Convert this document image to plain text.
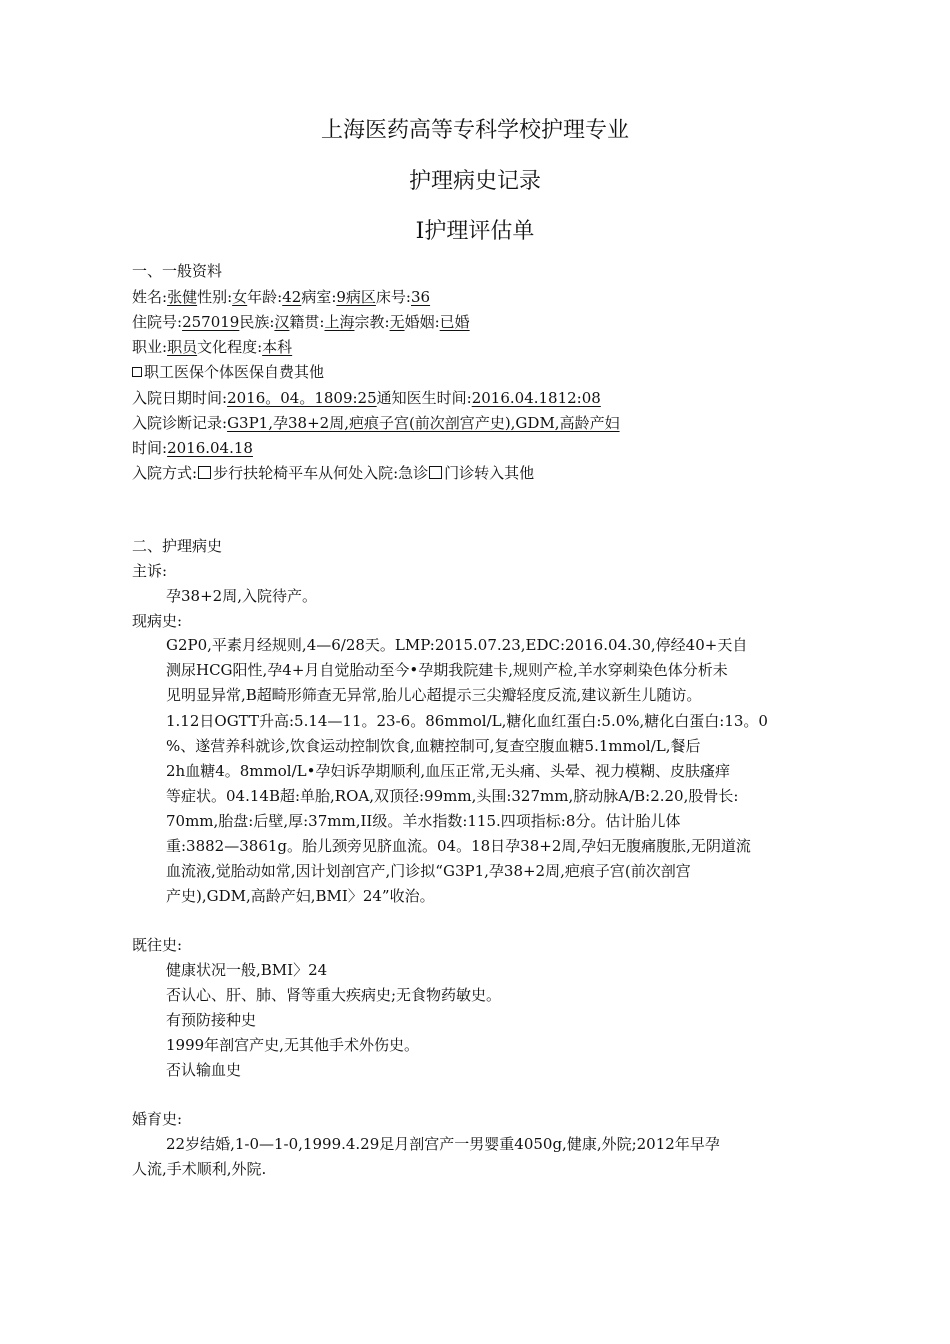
上海医药高等专科学校护理专业
护理病史记录
I护理评估单
一、一般资料
姓名:张健性别:女年龄:42病室:9病区床号:36
住院号:257019民族:汉籍贯:上海宗教:无婚姻:已婚
职业:职员文化程度:本科
职工医保个体医保自费其他
入院日期时间:2016。04。1809:25通知医生时间:2016.04.1812:08
入院诊断记录:G3P1,孕38+2周,疤痕子宫(前次剖宫产史),GDM,高龄产妇
时间:2016.04.18
入院方式: 步行扶轮椅平车从何处入院:急诊 门诊转入其他
二、护理病史
主诉:
孕38+2周,入院待产。
现病史:
G2P0,平素月经规则,4—6/28天。LMP:2015.07.23,EDC:2016.04.30,停经40+天自
测尿HCG阳性,孕4+月自觉胎动至今•孕期我院建卡,规则产检,羊水穿刺染色体分析未
见明显异常,B超畸形筛查无异常,胎儿心超提示三尖瓣轻度反流,建议新生儿随访。
1.12日OGTT升高:5.14—11。23-6。86mmol/L,糖化血红蛋白:5.0%,糖化白蛋白:13。0
%、遂营养科就诊,饮食运动控制饮食,血糖控制可,复查空腹血糖5.1mmol/L,餐后
2h血糖4。8mmol/L•孕妇诉孕期顺利,血压正常,无头痛、头晕、视力模糊、皮肤瘙痒
等症状。04.14B超:单胎,ROA,双顶径:99mm,头围:327mm,脐动脉A/B:2.20,股骨长:
70mm,胎盘:后壁,厚:37mm,II级。羊水指数:115.四项指标:8分。估计胎儿体
重:3882—3861g。胎儿颈旁见脐血流。04。18日孕38+2周,孕妇无腹痛腹胀,无阴道流
血流液,觉胎动如常,因计划剖宫产,门诊拟“G3P1,孕38+2周,疤痕子宫(前次剖宫
产史),GDM,高龄产妇,BMI〉24”收治。
既往史:
健康状况一般,BMI〉24
否认心、肝、肺、肾等重大疾病史;无食物药敏史。
有预防接种史
1999年剖宫产史,无其他手术外伤史。
否认输血史
婚育史:
22岁结婚,1-0—1-0,1999.4.29足月剖宫产一男婴重4050g,健康,外院;2012年早孕
人流,手术顺利,外院.
